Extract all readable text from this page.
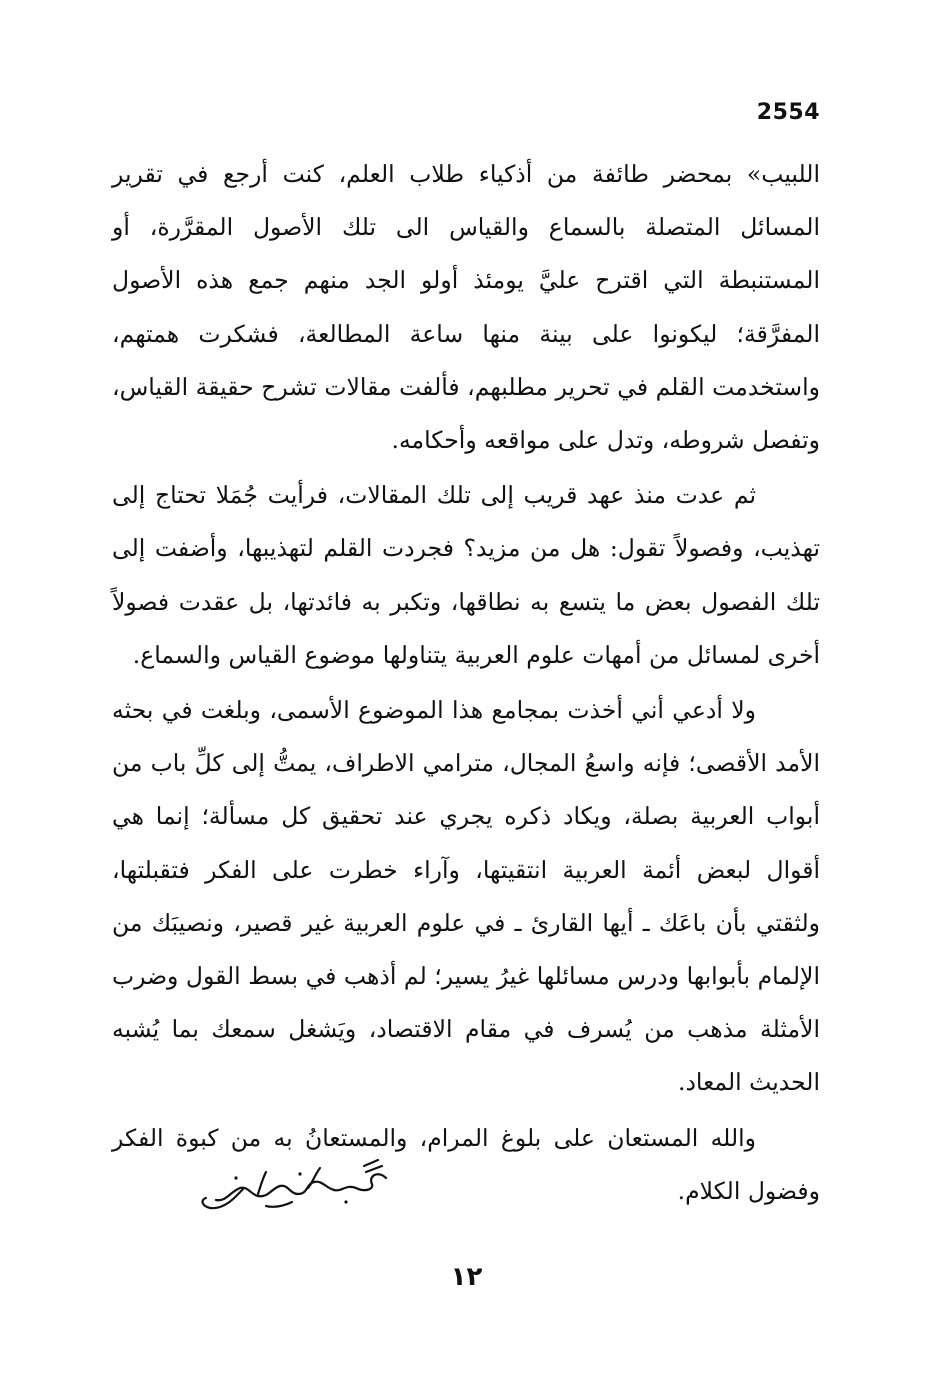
2554

اللبيب» بمحضر طائفة من أذكياء طلاب العلم، كنت أرجع في تقرير المسائل المتصلة بالسماع والقياس الى تلك الأصول المقرَّرة، أو المستنبطة التي اقترح عليَّ يومئذ أولو الجد منهم جمع هذه الأصول المفرَّقة؛ ليكونوا على بينة منها ساعة المطالعة، فشكرت همتهم، واستخدمت القلم في تحرير مطلبهم، فألفت مقالات تشرح حقيقة القياس، وتفصل شروطه، وتدل على مواقعه وأحكامه.

ثم عدت منذ عهد قريب إلى تلك المقالات، فرأيت جُمَلا تحتاج إلى تهذيب، وفصولاً تقول: هل من مزيد؟ فجردت القلم لتهذيبها، وأضفت إلى تلك الفصول بعض ما يتسع به نطاقها، وتكبر به فائدتها، بل عقدت فصولاً أخرى لمسائل من أمهات علوم العربية يتناولها موضوع القياس والسماع.

ولا أدعي أني أخذت بمجامع هذا الموضوع الأسمى، وبلغت في بحثه الأمد الأقصى؛ فإنه واسعُ المجال، مترامي الاطراف، يمتُّ إلى كلِّ باب من أبواب العربية بصلة، ويكاد ذكره يجري عند تحقيق كل مسألة؛ إنما هي أقوال لبعض أئمة العربية انتقيتها، وآراء خطرت على الفكر فتقبلتها، ولثقتي بأن باعَك ـ أيها القارئ ـ في علوم العربية غير قصير، ونصيبَك من الإلمام بأبوابها ودرس مسائلها غيرُ يسير؛ لم أذهب في بسط القول وضرب الأمثلة مذهب من يُسرف في مقام الاقتصاد، ويَشغل سمعك بما يُشبه الحديث المعاد.

والله المستعان على بلوغ المرام، والمستعانُ به من كبوة الفكر وفضول الكلام.

١٢
